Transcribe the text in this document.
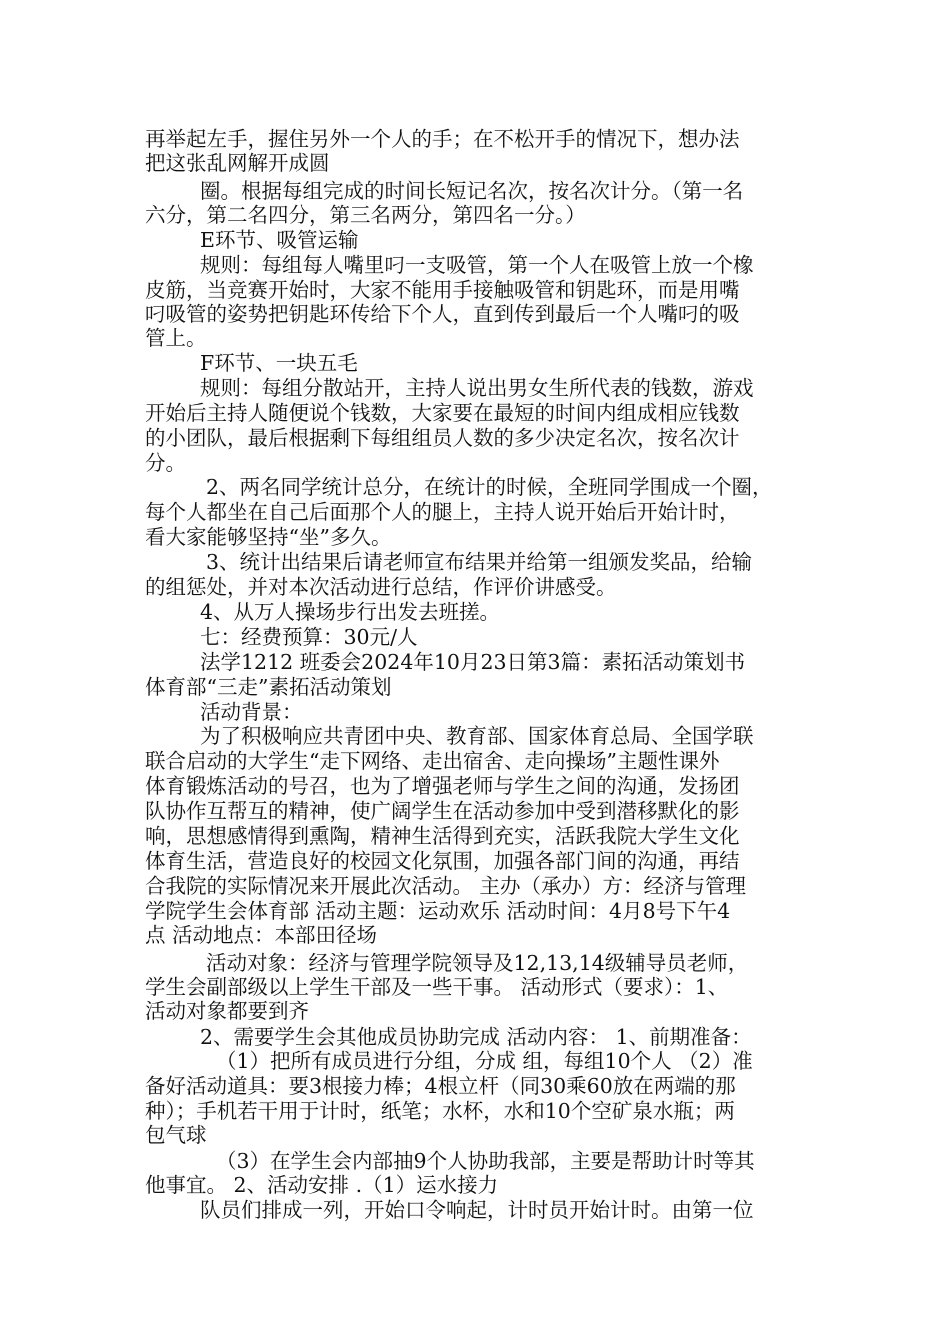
再举起左手，握住另外一个人的手；在不松开手的情况下，想办法

把这张乱网解开成圆

圈。根据每组完成的时间长短记名次，按名次计分。（第一名

六分，第二名四分，第三名两分，第四名一分。）

E环节、吸管运输

规则：每组每人嘴里叼一支吸管，第一个人在吸管上放一个橡

皮筋，当竞赛开始时，大家不能用手接触吸管和钥匙环，而是用嘴

叼吸管的姿势把钥匙环传给下个人，直到传到最后一个人嘴叼的吸

管上。

F环节、一块五毛

规则：每组分散站开，主持人说出男女生所代表的钱数，游戏

开始后主持人随便说个钱数，大家要在最短的时间内组成相应钱数

的小团队，最后根据剩下每组组员人数的多少决定名次，按名次计

分。

2、两名同学统计总分，在统计的时候，全班同学围成一个圈，

每个人都坐在自己后面那个人的腿上，主持人说开始后开始计时，

看大家能够坚持“坐”多久。

3、统计出结果后请老师宣布结果并给第一组颁发奖品，给输

的组惩处，并对本次活动进行总结，作评价讲感受。

4、从万人操场步行出发去班搓。

七：经费预算：30元/人

法学1212 班委会2024年10月23日第3篇：素拓活动策划书

体育部“三走”素拓活动策划

活动背景：

为了积极响应共青团中央、教育部、国家体育总局、全国学联

联合启动的大学生“走下网络、走出宿舍、走向操场”主题性课外

体育锻炼活动的号召，也为了增强老师与学生之间的沟通，发扬团

队协作互帮互的精神，使广阔学生在活动参加中受到潜移默化的影

响，思想感情得到熏陶，精神生活得到充实，活跃我院大学生文化

体育生活，营造良好的校园文化氛围，加强各部门间的沟通，再结

合我院的实际情况来开展此次活动。 主办（承办）方：经济与管理

学院学生会体育部 活动主题：运动欢乐 活动时间：4月8号下午4

点 活动地点：本部田径场

活动对象：经济与管理学院领导及12,13,14级辅导员老师，

学生会副部级以上学生干部及一些干事。 活动形式（要求）：1、

活动对象都要到齐

2、需要学生会其他成员协助完成 活动内容： 1、前期准备：

（1）把所有成员进行分组，分成 组，每组10个人 （2）准

备好活动道具：要3根接力棒；4根立杆（同30乘60放在两端的那

种）；手机若干用于计时，纸笔；水杯，水和10个空矿泉水瓶；两

包气球

（3）在学生会内部抽9个人协助我部，主要是帮助计时等其

他事宜。 2、活动安排 .（1）运水接力

队员们排成一列，开始口令响起，计时员开始计时。由第一位
